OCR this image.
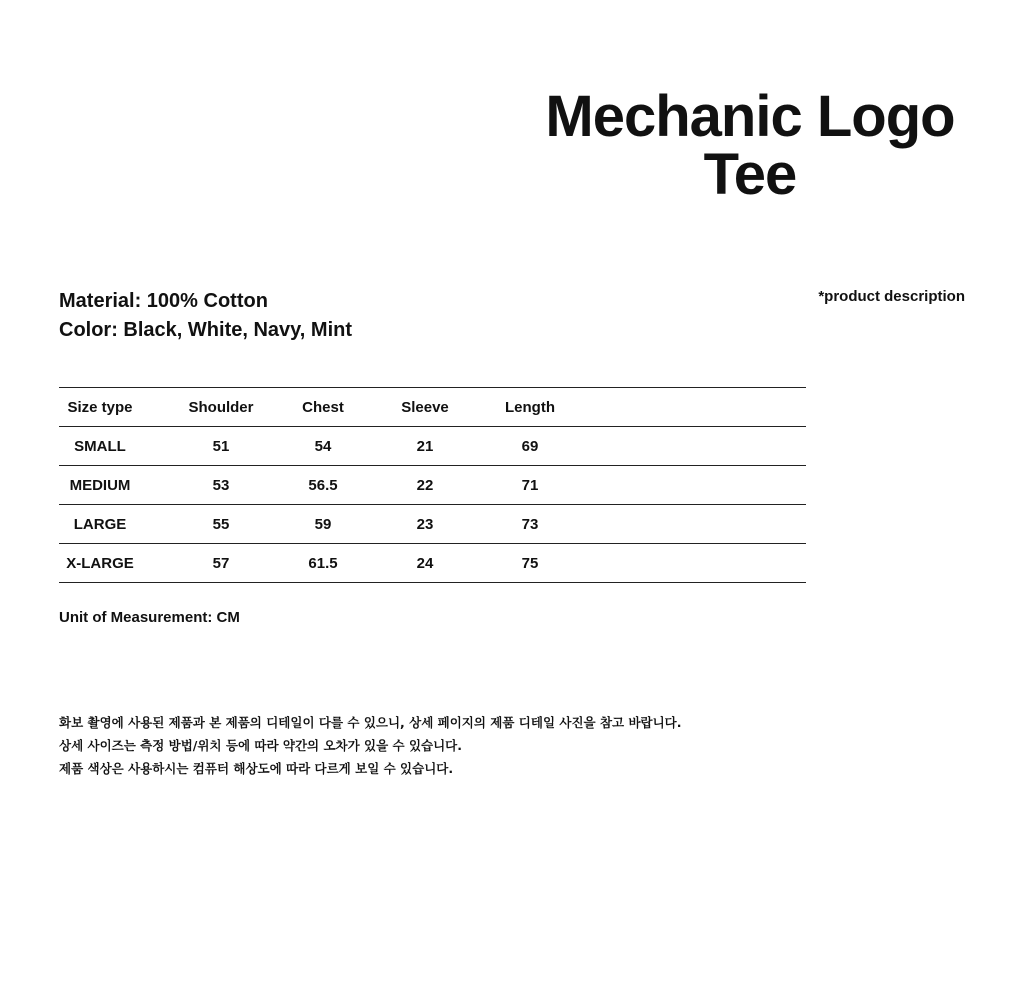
Mechanic Logo
Tee

*product description

Material: 100% Cotton
Color: Black, White, Navy, Mint
Size type	Shoulder	Chest	Sleeve	Length	
SMALL	51	54	21	69	
MEDIUM	53	56.5	22	71	
LARGE	55	59	23	73	
X-LARGE	57	61.5	24	75	

Unit of Measurement: CM

화보 촬영에 사용된 제품과 본 제품의 디테일이 다를 수 있으니, 상세 페이지의 제품 디테일 사진을 참고 바랍니다.
상세 사이즈는 측정 방법/위치 등에 따라 약간의 오차가 있을 수 있습니다.
제품 색상은 사용하시는 컴퓨터 해상도에 따라 다르게 보일 수 있습니다.
